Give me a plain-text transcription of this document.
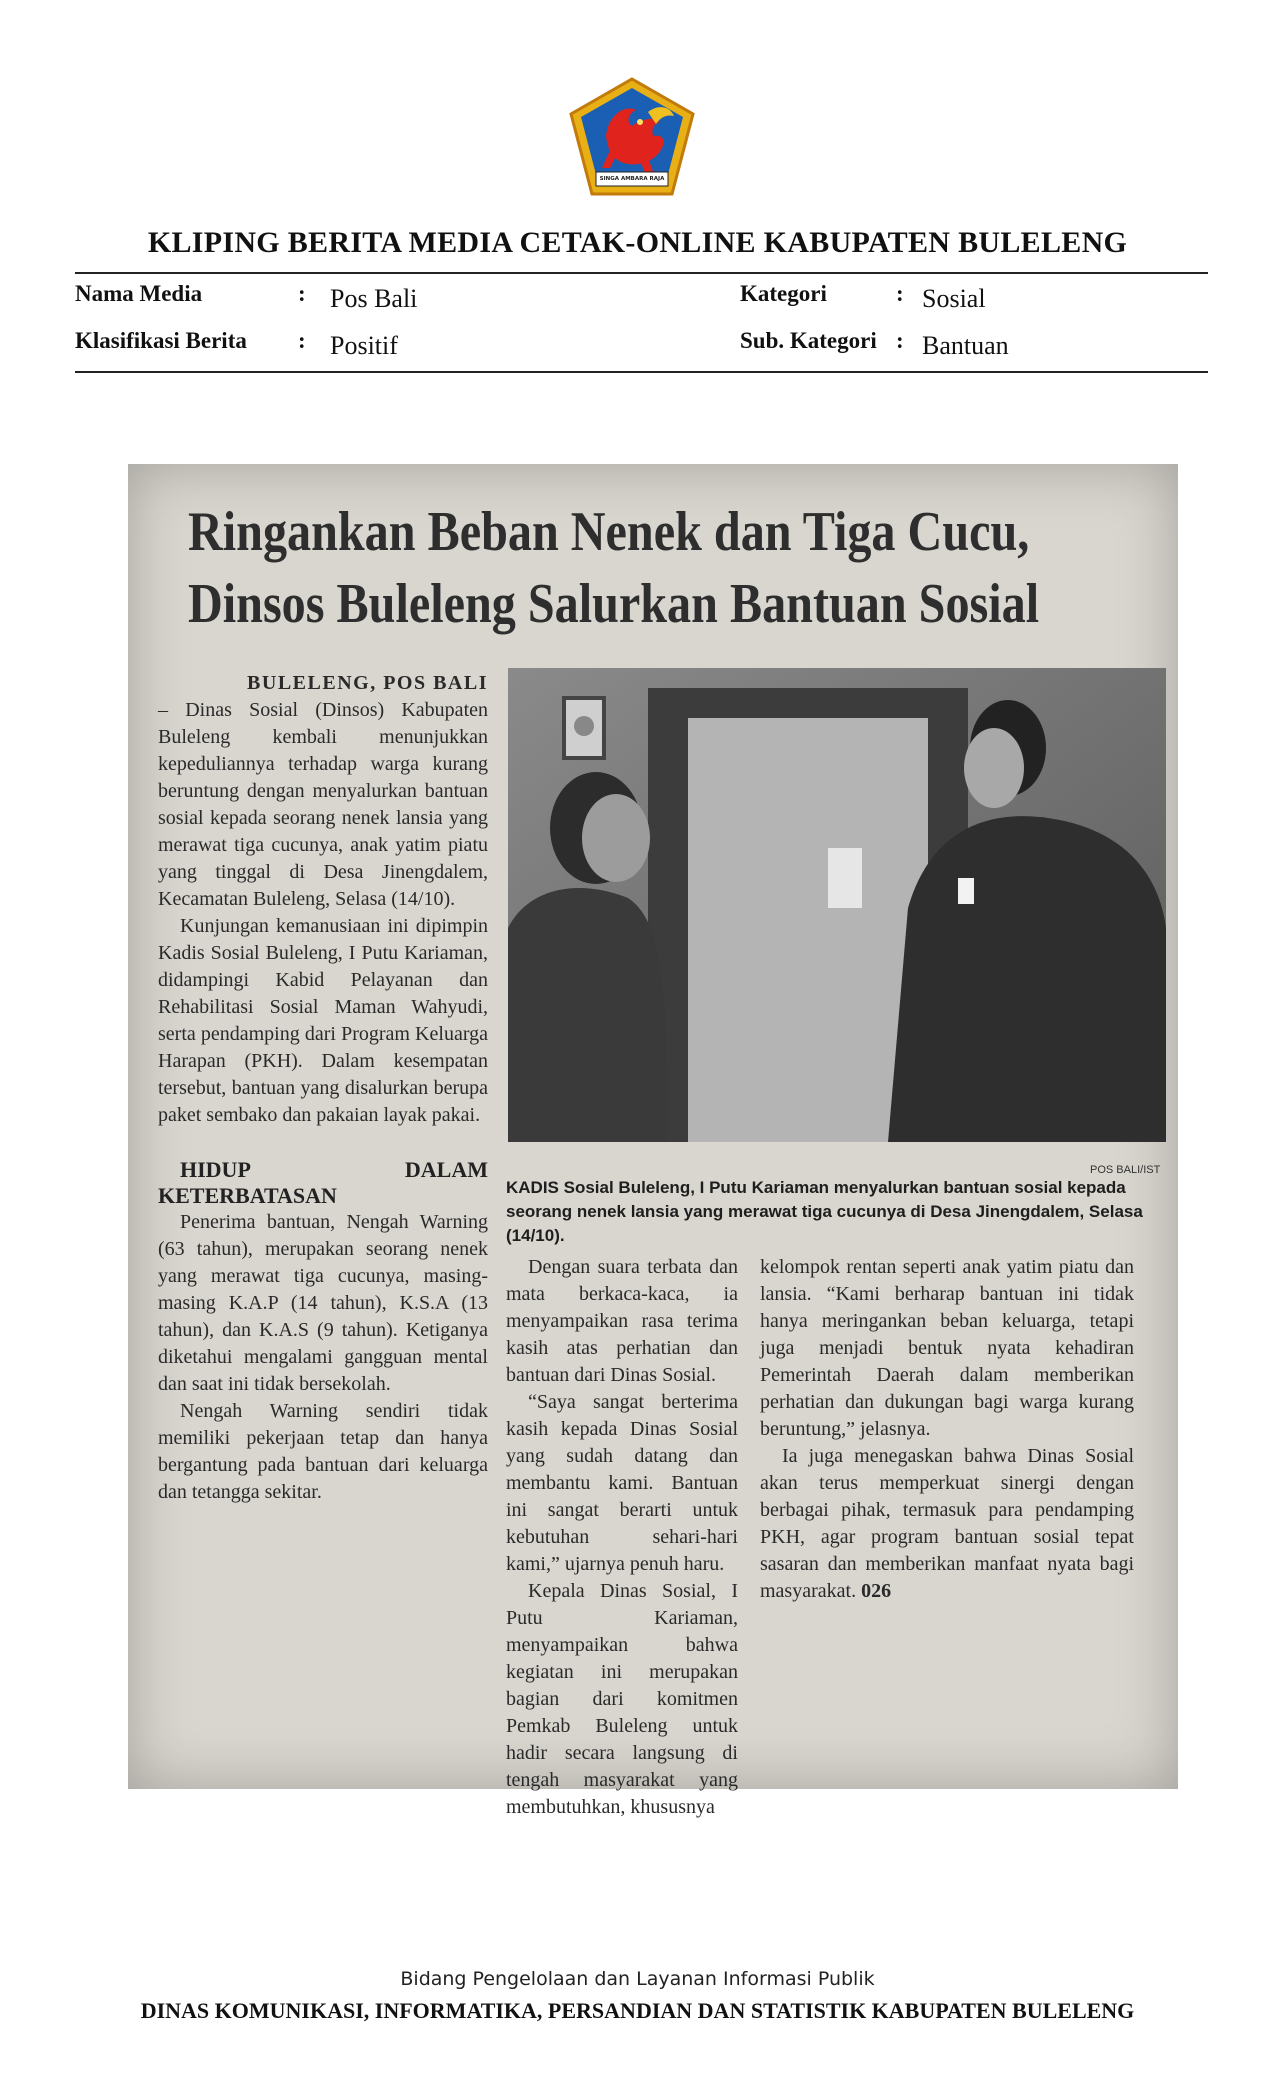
SINGA AMBARA RAJA
KLIPING BERITA MEDIA CETAK-ONLINE KABUPATEN BULELENG
Nama Media	: Pos Bali
Klasifikasi Berita : Positif
Kategori	: Sosial
Sub. Kategori : Bantuan
Ringankan Beban Nenek dan Tiga Cucu,
Dinsos Buleleng Salurkan Bantuan Sosial

BULELENG, POS BALI
– Dinas Sosial (Dinsos) Kabupaten Buleleng kembali menunjukkan kepeduliannya terhadap warga kurang beruntung dengan menyalurkan bantuan sosial kepada seorang nenek lansia yang merawat tiga cucunya, anak yatim piatu yang tinggal di Desa Jinengdalem, Kecamatan Buleleng, Selasa (14/10).

Kunjungan kemanusiaan ini dipimpin Kadis Sosial Buleleng, I Putu Kariaman, didampingi Kabid Pelayanan dan Rehabilitasi Sosial Maman Wahyudi, serta pendamping dari Program Keluarga Harapan (PKH). Dalam kesempatan tersebut, bantuan yang disalurkan berupa paket sembako dan pakaian layak pakai.

HIDUP DALAM KETERBATASAN

Penerima bantuan, Nengah Warning (63 tahun), merupakan seorang nenek yang merawat tiga cucunya, masing-masing K.A.P (14 tahun), K.S.A (13 tahun), dan K.A.S (9 tahun). Ketiganya diketahui mengalami gangguan mental dan saat ini tidak bersekolah.

Nengah Warning sendiri tidak memiliki pekerjaan tetap dan hanya bergantung pada bantuan dari keluarga dan tetangga sekitar.

POS BALI/IST
KADIS Sosial Buleleng, I Putu Kariaman menyalurkan bantuan sosial kepada seorang nenek lansia yang merawat tiga cucunya di Desa Jinengdalem, Selasa (14/10).

Dengan suara terbata dan mata berkaca-kaca, ia menyampaikan rasa terima kasih atas perhatian dan bantuan dari Dinas Sosial.

“Saya sangat berterima kasih kepada Dinas Sosial yang sudah datang dan membantu kami. Bantuan ini sangat berarti untuk kebutuhan sehari-hari kami,” ujarnya penuh haru.

Kepala Dinas Sosial, I Putu Kariaman, menyampaikan bahwa kegiatan ini merupakan bagian dari komitmen Pemkab Buleleng untuk hadir secara langsung di tengah masyarakat yang membutuhkan, khususnya

kelompok rentan seperti anak yatim piatu dan lansia. “Kami berharap bantuan ini tidak hanya meringankan beban keluarga, tetapi juga menjadi bentuk nyata kehadiran Pemerintah Daerah dalam memberikan perhatian dan dukungan bagi warga kurang beruntung,” jelasnya.

Ia juga menegaskan bahwa Dinas Sosial akan terus memperkuat sinergi dengan berbagai pihak, termasuk para pendamping PKH, agar program bantuan sosial tepat sasaran dan memberikan manfaat nyata bagi masyarakat. 026

Bidang Pengelolaan dan Layanan Informasi Publik
DINAS KOMUNIKASI, INFORMATIKA, PERSANDIAN DAN STATISTIK KABUPATEN BULELENG
